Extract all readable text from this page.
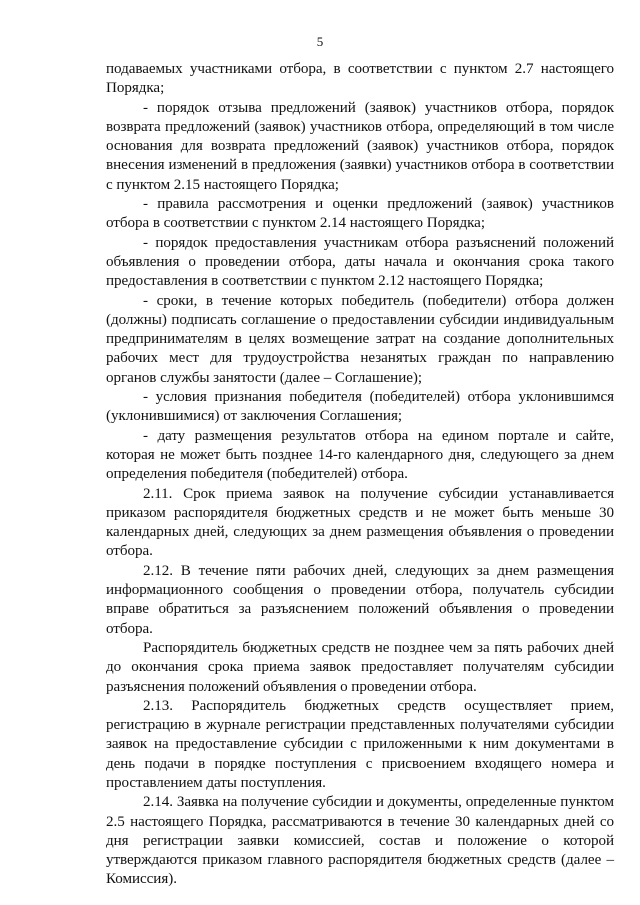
5

подаваемых участниками отбора, в соответствии с пунктом 2.7 настоящего Порядка;

- порядок отзыва предложений (заявок) участников отбора, порядок возврата предложений (заявок) участников отбора, определяющий в том числе основания для возврата предложений (заявок) участников отбора, порядок внесения изменений в предложения (заявки) участников отбора в соответствии с пунктом 2.15 настоящего Порядка;

- правила рассмотрения и оценки предложений (заявок) участников отбора в соответствии с пунктом 2.14 настоящего Порядка;

- порядок предоставления участникам отбора разъяснений положений объявления о проведении отбора, даты начала и окончания срока такого предоставления в соответствии с пунктом 2.12 настоящего Порядка;

- сроки, в течение которых победитель (победители) отбора должен (должны) подписать соглашение о предоставлении субсидии индивидуальным предпринимателям в целях возмещение затрат на создание дополнительных рабочих мест для трудоустройства незанятых граждан по направлению органов службы занятости (далее – Соглашение);

- условия признания победителя (победителей) отбора уклонившимся (уклонившимися) от заключения Соглашения;

- дату размещения результатов отбора на едином портале и сайте, которая не может быть позднее 14-го календарного дня, следующего за днем определения победителя (победителей) отбора.

2.11. Срок приема заявок на получение субсидии устанавливается приказом распорядителя бюджетных средств и не может быть меньше 30 календарных дней, следующих за днем размещения объявления о проведении отбора.

2.12. В течение пяти рабочих дней, следующих за днем размещения информационного сообщения о проведении отбора, получатель субсидии вправе обратиться за разъяснением положений объявления о проведении отбора.

Распорядитель бюджетных средств не позднее чем за пять рабочих дней до окончания срока приема заявок предоставляет получателям субсидии разъяснения положений объявления о проведении отбора.

2.13. Распорядитель бюджетных средств осуществляет прием, регистрацию в журнале регистрации представленных получателями субсидии заявок на предоставление субсидии с приложенными к ним документами в день подачи в порядке поступления с присвоением входящего номера и проставлением даты поступления.

2.14. Заявка на получение субсидии и документы, определенные пунктом 2.5 настоящего Порядка, рассматриваются в течение 30 календарных дней со дня регистрации заявки комиссией, состав и положение о которой утверждаются приказом главного распорядителя бюджетных средств (далее – Комиссия).
